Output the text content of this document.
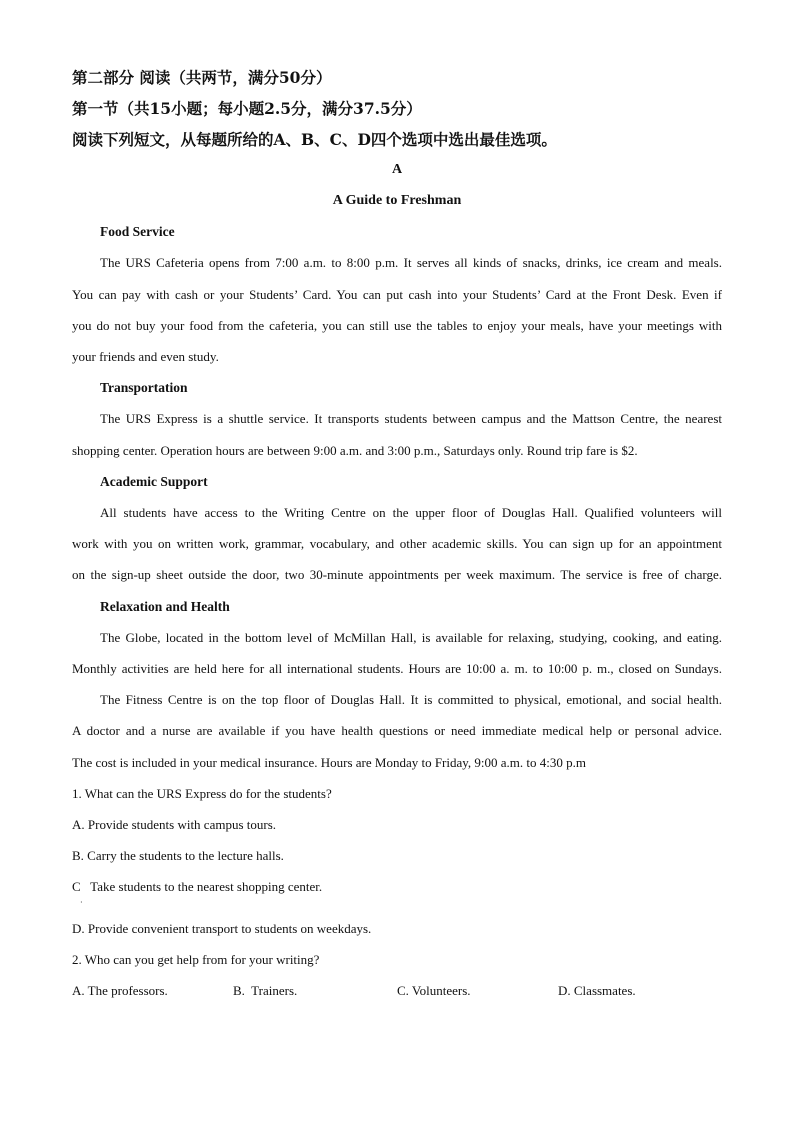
第二部分 阅读（共两节，满分50分）
第一节（共15小题；每小题2.5分，满分37.5分）
阅读下列短文，从每题所给的A、B、C、D四个选项中选出最佳选项。
A
A Guide to Freshman
Food Service
The URS Cafeteria opens from 7:00 a.m. to 8:00 p.m. It serves all kinds of snacks, drinks, ice cream and meals.
You can pay with cash or your Students’ Card. You can put cash into your Students’ Card at the Front Desk. Even if
you do not buy your food from the cafeteria, you can still use the tables to enjoy your meals, have your meetings with
your friends and even study.
Transportation
The URS Express is a shuttle service. It transports students between campus and the Mattson Centre, the nearest
shopping center. Operation hours are between 9:00 a.m. and 3:00 p.m., Saturdays only. Round trip fare is $2.
Academic Support
All students have access to the Writing Centre on the upper floor of Douglas Hall. Qualified volunteers will
work with you on written work, grammar, vocabulary, and other academic skills. You can sign up for an appointment
on the sign-up sheet outside the door, two 30-minute appointments per week maximum. The service is free of charge.
Relaxation and Health
The Globe, located in the bottom level of McMillan Hall, is available for relaxing, studying, cooking, and eating.
Monthly activities are held here for all international students. Hours are 10:00 a. m. to 10:00 p. m., closed on Sundays.
The Fitness Centre is on the top floor of Douglas Hall. It is committed to physical, emotional, and social health.
A doctor and a nurse are available if you have health questions or need immediate medical help or personal advice.
The cost is included in your medical insurance. Hours are Monday to Friday, 9:00 a.m. to 4:30 p.m
1. What can the URS Express do for the students?
A. Provide students with campus tours.
B. Carry the students to the lecture halls.
C   Take students to the nearest shopping center.
·
D. Provide convenient transport to students on weekdays.
2. Who can you get help from for your writing?
A. The professors.	B.  Trainers.	C. Volunteers.	D. Classmates.
